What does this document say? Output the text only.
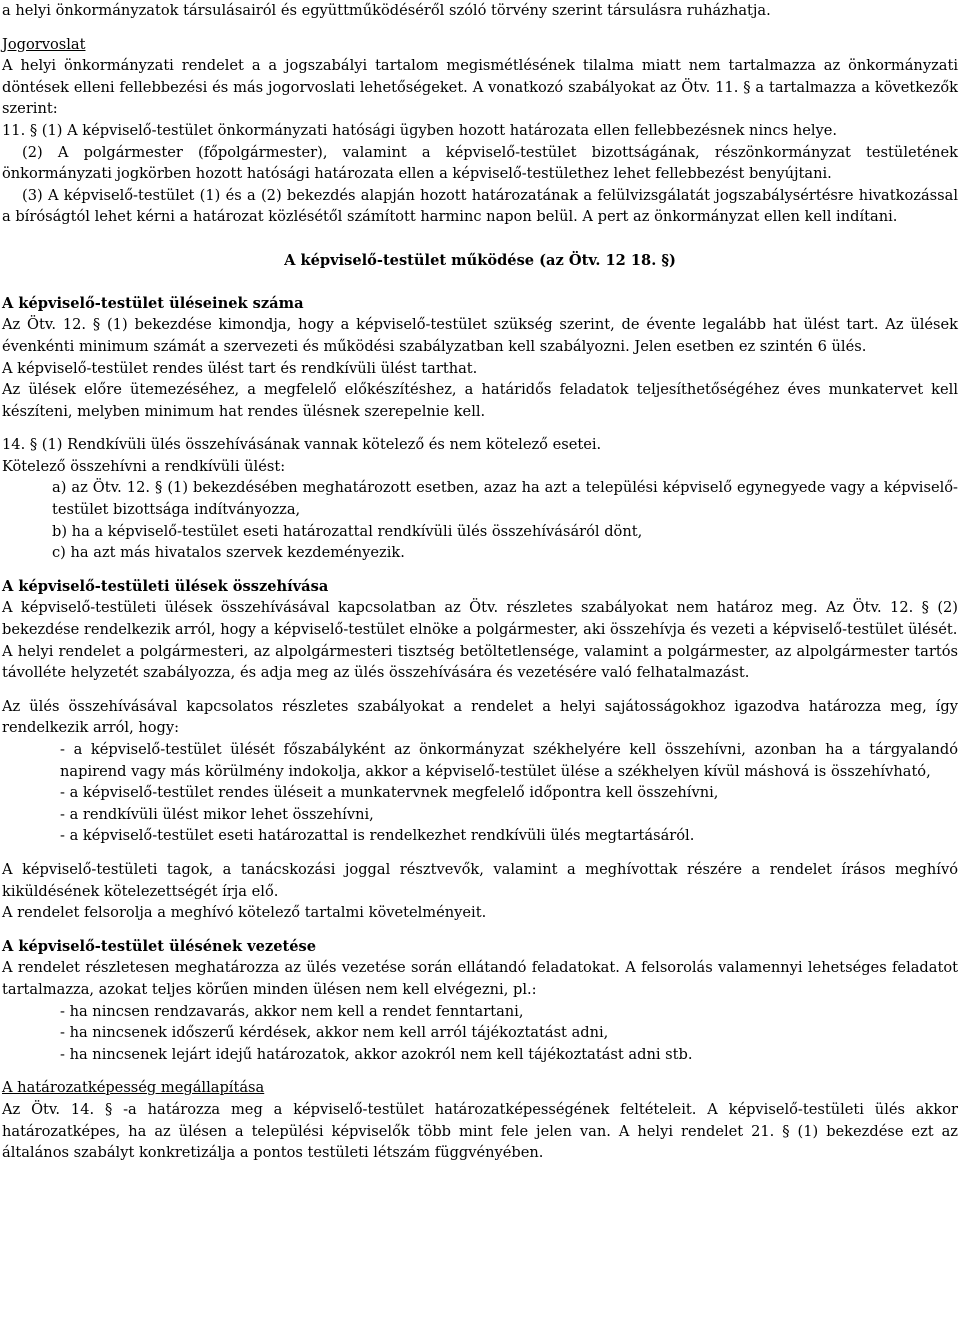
a helyi önkormányzatok társulásairól és együttműködéséről szóló törvény szerint társulásra ruházhatja.

Jogorvoslat

A helyi önkormányzati rendelet a a jogszabályi tartalom megismétlésének tilalma miatt nem tartalmazza az önkormányzati döntések elleni fellebbezési és más jogorvoslati lehetőségeket. A vonatkozó szabályokat az Ötv. 11. § a tartalmazza a következők szerint:

11. § (1) A képviselő-testület önkormányzati hatósági ügyben hozott határozata ellen fellebbezésnek nincs helye.

(2) A polgármester (főpolgármester), valamint a képviselő-testület bizottságának, részönkormányzat testületének önkormányzati jogkörben hozott hatósági határozata ellen a képviselő-testülethez lehet fellebbezést benyújtani.

(3) A képviselő-testület (1) és a (2) bekezdés alapján hozott határozatának a felülvizsgálatát jogszabálysértésre hivatkozással a bíróságtól lehet kérni a határozat közlésétől számított harminc napon belül. A pert az önkormányzat ellen kell indítani.

A képviselő-testület működése (az Ötv. 12 18. §)

A képviselő-testület üléseinek száma

Az Ötv. 12. § (1) bekezdése kimondja, hogy a képviselő-testület szükség szerint, de évente legalább hat ülést tart. Az ülések évenkénti minimum számát a szervezeti és működési szabályzatban kell szabályozni. Jelen esetben ez szintén 6 ülés.

A képviselő-testület rendes ülést tart és rendkívüli ülést tarthat.

Az ülések előre ütemezéséhez, a megfelelő előkészítéshez, a határidős feladatok teljesíthetőségéhez éves munkatervet kell készíteni, melyben minimum hat rendes ülésnek szerepelnie kell.

14. § (1) Rendkívüli ülés összehívásának vannak kötelező és nem kötelező esetei.

Kötelező összehívni a rendkívüli ülést:

a) az Ötv. 12. § (1) bekezdésében meghatározott esetben, azaz ha azt a települési képviselő egynegyede vagy a képviselő-testület bizottsága indítványozza,

b) ha a képviselő-testület eseti határozattal rendkívüli ülés összehívásáról dönt,

c) ha azt más hivatalos szervek kezdeményezik.

A képviselő-testületi ülések összehívása

A képviselő-testületi ülések összehívásával kapcsolatban az Ötv. részletes szabályokat nem határoz meg. Az Ötv. 12. § (2) bekezdése rendelkezik arról, hogy a képviselő-testület elnöke a polgármester, aki összehívja és vezeti a képviselő-testület ülését.

A helyi rendelet a polgármesteri, az alpolgármesteri tisztség betöltetlensége, valamint a polgármester, az alpolgármester tartós távolléte helyzetét szabályozza, és adja meg az ülés összehívására és vezetésére való felhatalmazást.

Az ülés összehívásával kapcsolatos részletes szabályokat a rendelet a helyi sajátosságokhoz igazodva határozza meg, így rendelkezik arról, hogy:

- a képviselő-testület ülését főszabályként az önkormányzat székhelyére kell összehívni, azonban ha a tárgyalandó napirend vagy más körülmény indokolja, akkor a képviselő-testület ülése a székhelyen kívül máshová is összehívható,

- a képviselő-testület rendes üléseit a munkatervnek megfelelő időpontra kell összehívni,

- a rendkívüli ülést mikor lehet összehívni,

- a képviselő-testület eseti határozattal is rendelkezhet rendkívüli ülés megtartásáról.

A képviselő-testületi tagok, a tanácskozási joggal résztvevők, valamint a meghívottak részére a rendelet írásos meghívó kiküldésének kötelezettségét írja elő.

A rendelet felsorolja a meghívó kötelező tartalmi követelményeit.

A képviselő-testület ülésének vezetése

A rendelet részletesen meghatározza az ülés vezetése során ellátandó feladatokat. A felsorolás valamennyi lehetséges feladatot tartalmazza, azokat teljes körűen minden ülésen nem kell elvégezni, pl.:

- ha nincsen rendzavarás, akkor nem kell a rendet fenntartani,

- ha nincsenek időszerű kérdések, akkor nem kell arról tájékoztatást adni,

- ha nincsenek lejárt idejű határozatok, akkor azokról nem kell tájékoztatást adni stb.

A határozatképesség megállapítása

Az Ötv. 14. § -a határozza meg a képviselő-testület határozatképességének feltételeit. A képviselő-testületi ülés akkor határozatképes, ha az ülésen a települési képviselők több mint fele jelen van. A helyi rendelet 21. § (1) bekezdése ezt az általános szabályt konkretizálja a pontos testületi létszám függvényében.
